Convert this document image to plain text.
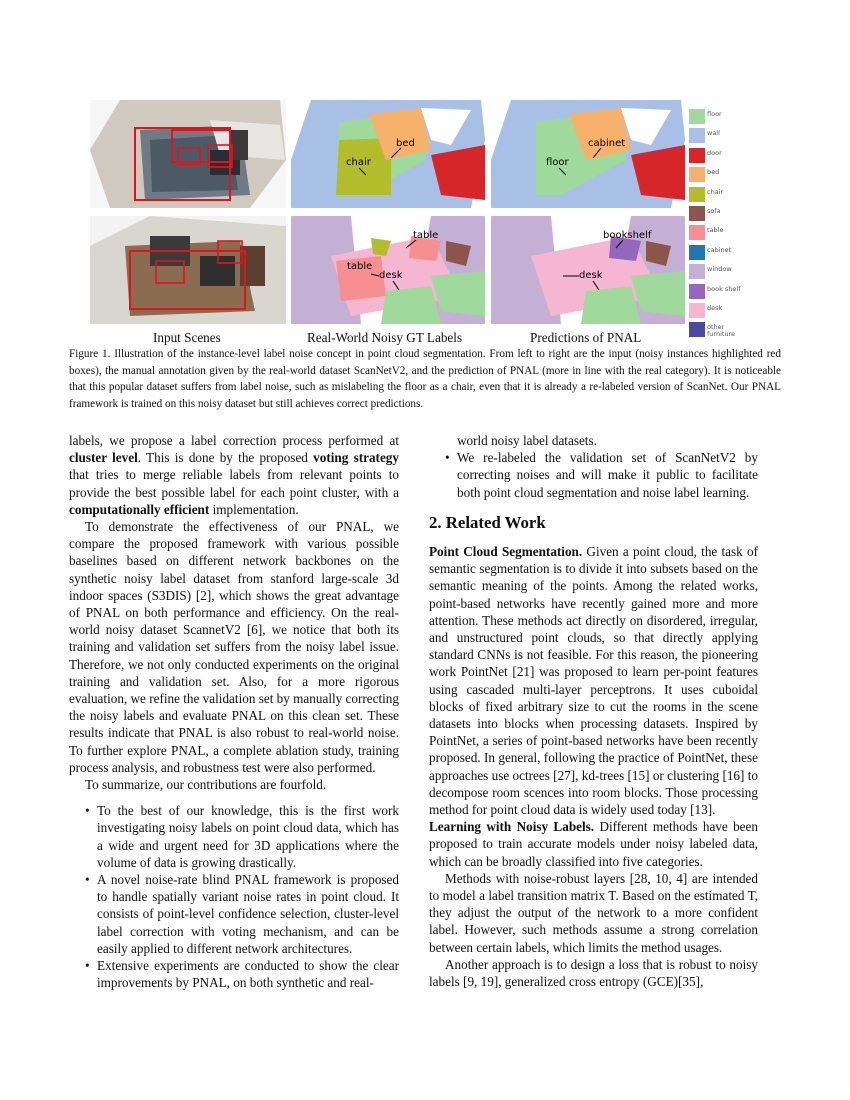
bed
chair
cabinet
floor
table
table
desk
bookshelf
desk
floor
wall
door
bed
chair
sofa
table
cabinet
window
book shelf
desk
other furniture
Input Scenes	Real-World Noisy GT Labels	Predictions of PNAL
Figure 1. Illustration of the instance-level label noise concept in point cloud segmentation. From left to right are the input (noisy instances highlighted red boxes), the manual annotation given by the real-world dataset ScanNetV2, and the prediction of PNAL (more in line with the real category). It is noticeable that this popular dataset suffers from label noise, such as mislabeling the floor as a chair, even that it is already a re-labeled version of ScanNet. Our PNAL framework is trained on this noisy dataset but still achieves correct predictions.

labels, we propose a label correction process performed at cluster level. This is done by the proposed voting strategy that tries to merge reliable labels from relevant points to provide the best possible label for each point cluster, with a computationally efficient implementation.

To demonstrate the effectiveness of our PNAL, we compare the proposed framework with various possible baselines based on different network backbones on the synthetic noisy label dataset from stanford large-scale 3d indoor spaces (S3DIS) [2], which shows the great advantage of PNAL on both performance and efficiency. On the real-world noisy dataset ScannetV2 [6], we notice that both its training and validation set suffers from the noisy label issue. Therefore, we not only conducted experiments on the original training and validation set. Also, for a more rigorous evaluation, we refine the validation set by manually correcting the noisy labels and evaluate PNAL on this clean set. These results indicate that PNAL is also robust to real-world noise. To further explore PNAL, a complete ablation study, training process analysis, and robustness test were also performed.

To summarize, our contributions are fourfold.

• To the best of our knowledge, this is the first work investigating noisy labels on point cloud data, which has a wide and urgent need for 3D applications where the volume of data is growing drastically.
• A novel noise-rate blind PNAL framework is proposed to handle spatially variant noise rates in point cloud. It consists of point-level confidence selection, cluster-level label correction with voting mechanism, and can be easily applied to different network architectures.
• Extensive experiments are conducted to show the clear improvements by PNAL, on both synthetic and real-
world noisy label datasets.
• We re-labeled the validation set of ScanNetV2 by correcting noises and will make it public to facilitate both point cloud segmentation and noise label learning.
2. Related Work

Point Cloud Segmentation. Given a point cloud, the task of semantic segmentation is to divide it into subsets based on the semantic meaning of the points. Among the related works, point-based networks have recently gained more and more attention. These methods act directly on disordered, irregular, and unstructured point clouds, so that directly applying standard CNNs is not feasible. For this reason, the pioneering work PointNet [21] was proposed to learn per-point features using cascaded multi-layer perceptrons. It uses cuboidal blocks of fixed arbitrary size to cut the rooms in the scene datasets into blocks when processing datasets. Inspired by PointNet, a series of point-based networks have been recently proposed. In general, following the practice of PointNet, these approaches use octrees [27], kd-trees [15] or clustering [16] to decompose room scences into room blocks. Those processing method for point cloud data is widely used today [13].

Learning with Noisy Labels. Different methods have been proposed to train accurate models under noisy labeled data, which can be broadly classified into five categories.

Methods with noise-robust layers [28, 10, 4] are intended to model a label transition matrix T. Based on the estimated T, they adjust the output of the network to a more confident label. However, such methods assume a strong correlation between certain labels, which limits the method usages.

Another approach is to design a loss that is robust to noisy labels [9, 19], generalized cross entropy (GCE)[35],
